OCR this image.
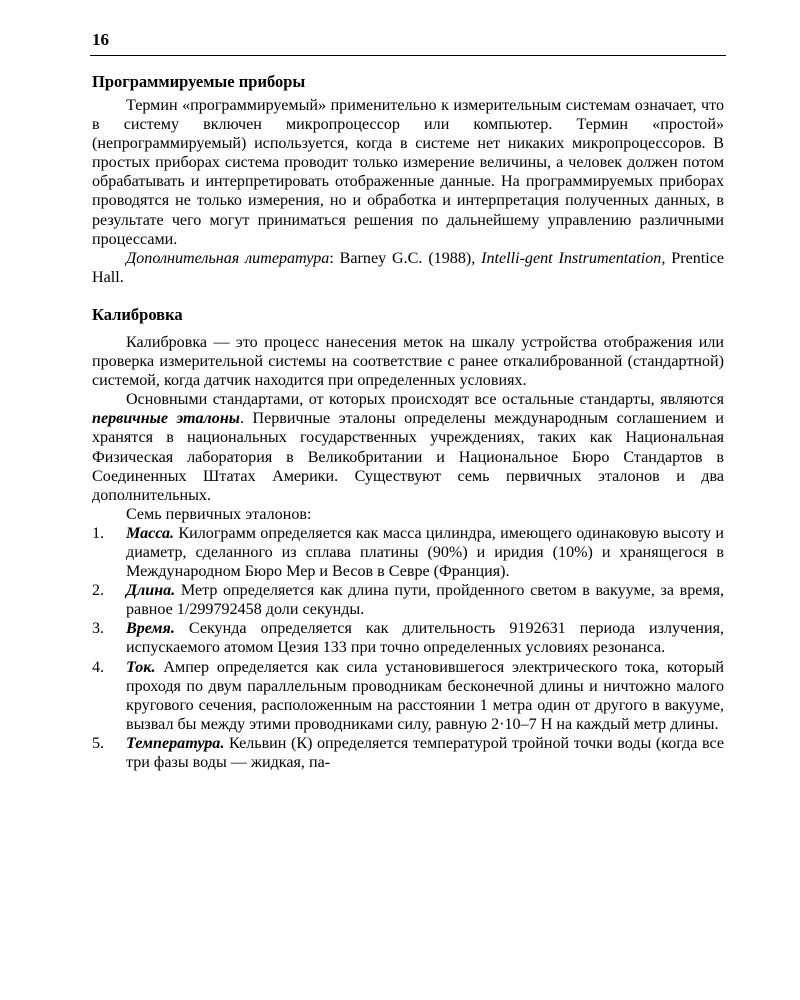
16
Программируемые приборы

Термин «программируемый» применительно к измерительным системам означает, что в систему включен микропроцессор или компьютер. Термин «простой» (непрограммируемый) используется, когда в системе нет никаких микропроцессоров. В простых приборах система проводит только измерение величины, а человек должен потом обрабатывать и интерпретировать отображенные данные. На программируемых приборах проводятся не только измерения, но и обработка и интерпретация полученных данных, в результате чего могут приниматься решения по дальнейшему управлению различными процессами.

Дополнительная литература: Barney G.C. (1988), Intelli-gent Instrumentation, Prentice Hall.

Калибровка

Калибровка — это процесс нанесения меток на шкалу устройства отображения или проверка измерительной системы на соответствие с ранее откалиброванной (стандартной) системой, когда датчик находится при определенных условиях.

Основными стандартами, от которых происходят все остальные стандарты, являются первичные эталоны. Первичные эталоны определены международным соглашением и хранятся в национальных государственных учреждениях, таких как Национальная Физическая лаборатория в Великобритании и Национальное Бюро Стандартов в Соединенных Штатах Америки. Существуют семь первичных эталонов и два дополнительных.

Семь первичных эталонов:

1. Масса. Килограмм определяется как масса цилиндра, имеющего одинаковую высоту и диаметр, сделанного из сплава платины (90%) и иридия (10%) и хранящегося в Международном Бюро Мер и Весов в Севре (Франция).
2. Длина. Метр определяется как длина пути, пройденного светом в вакууме, за время, равное 1/299792458 доли секунды.
3. Время. Секунда определяется как длительность 9192631 периода излучения, испускаемого атомом Цезия 133 при точно определенных условиях резонанса.
4. Ток. Ампер определяется как сила установившегося электрического тока, который проходя по двум параллельным проводникам бесконечной длины и ничтожно малого кругового сечения, расположенным на расстоянии 1 метра один от другого в вакууме, вызвал бы между этими проводниками силу, равную 2·10–7 Н на каждый метр длины.
5. Температура. Кельвин (К) определяется температурой тройной точки воды (когда все три фазы воды — жидкая, па-
